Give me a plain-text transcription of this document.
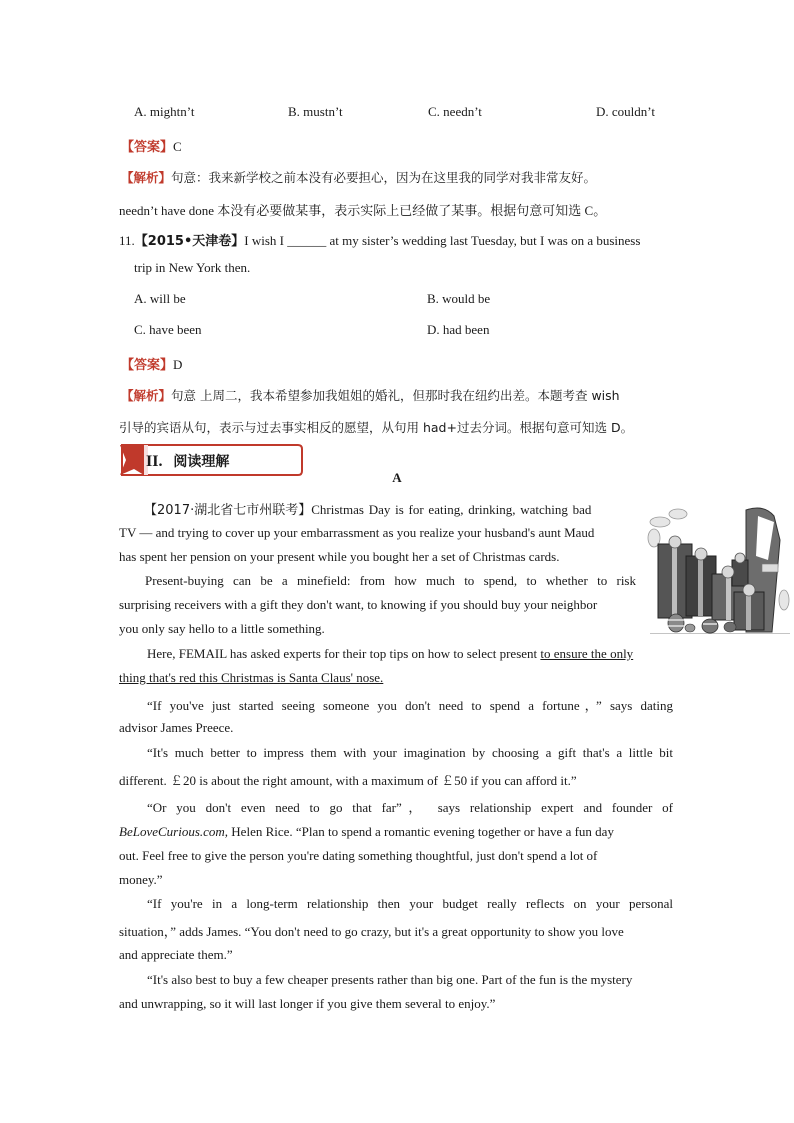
A. mightn’t	B. mustn’t	C. needn’t	D. couldn’t
【答案】C
【解析】句意：我来新学校之前本没有必要担心，因为在这里我的同学对我非常友好。
needn’t have done 本没有必要做某事，表示实际上已经做了某事。根据句意可知选 C。
11.【2015•天津卷】I wish I ______ at my sister’s wedding last Tuesday, but I was on a business
trip in New York then.
A. will be	B. would be
C. have been	D. had been
【答案】D
【解析】句意 上周二，我本希望参加我姐姐的婚礼，但那时我在纽约出差。本题考查 wish
引导的宾语从句，表示与过去事实相反的愿望，从句用 had+过去分词。根据句意可知选 D。
II. 阅读理解
A
【2017·湖北省七市州联考】Christmas Day is for eating, drinking, watching bad
TV — and trying to cover up your embarrassment as you realize your husband's aunt Maud
has spent her pension on your present while you bought her a set of Christmas cards.
Present-buying can be a minefield: from how much to spend, to whether to risk
surprising receivers with a gift they don't want, to knowing if you should buy your neighbor
you only say hello to a little something.
Here, FEMAIL has asked experts for their top tips on how to select present to ensure the only
thing that's red this Christmas is Santa Claus' nose.
“If you've just started seeing someone you don't need to spend a fortune，” says dating
advisor James Preece.
“It's much better to impress them with your imagination by choosing a gift that's a little bit
different. ￡20 is about the right amount, with a maximum of ￡50 if you can afford it.”
“Or you don't even need to go that far”， says relationship expert and founder of
BeLoveCurious.com, Helen Rice. “Plan to spend a romantic evening together or have a fun day
out. Feel free to give the person you're dating something thoughtful, just don't spend a lot of
money.”
“If you're in a long-term relationship then your budget really reflects on your personal
situation，” adds James. “You don't need to go crazy, but it's a great opportunity to show you love
and appreciate them.”
“It's also best to buy a few cheaper presents rather than big one. Part of the fun is the mystery
and unwrapping, so it will last longer if you give them several to enjoy.”
